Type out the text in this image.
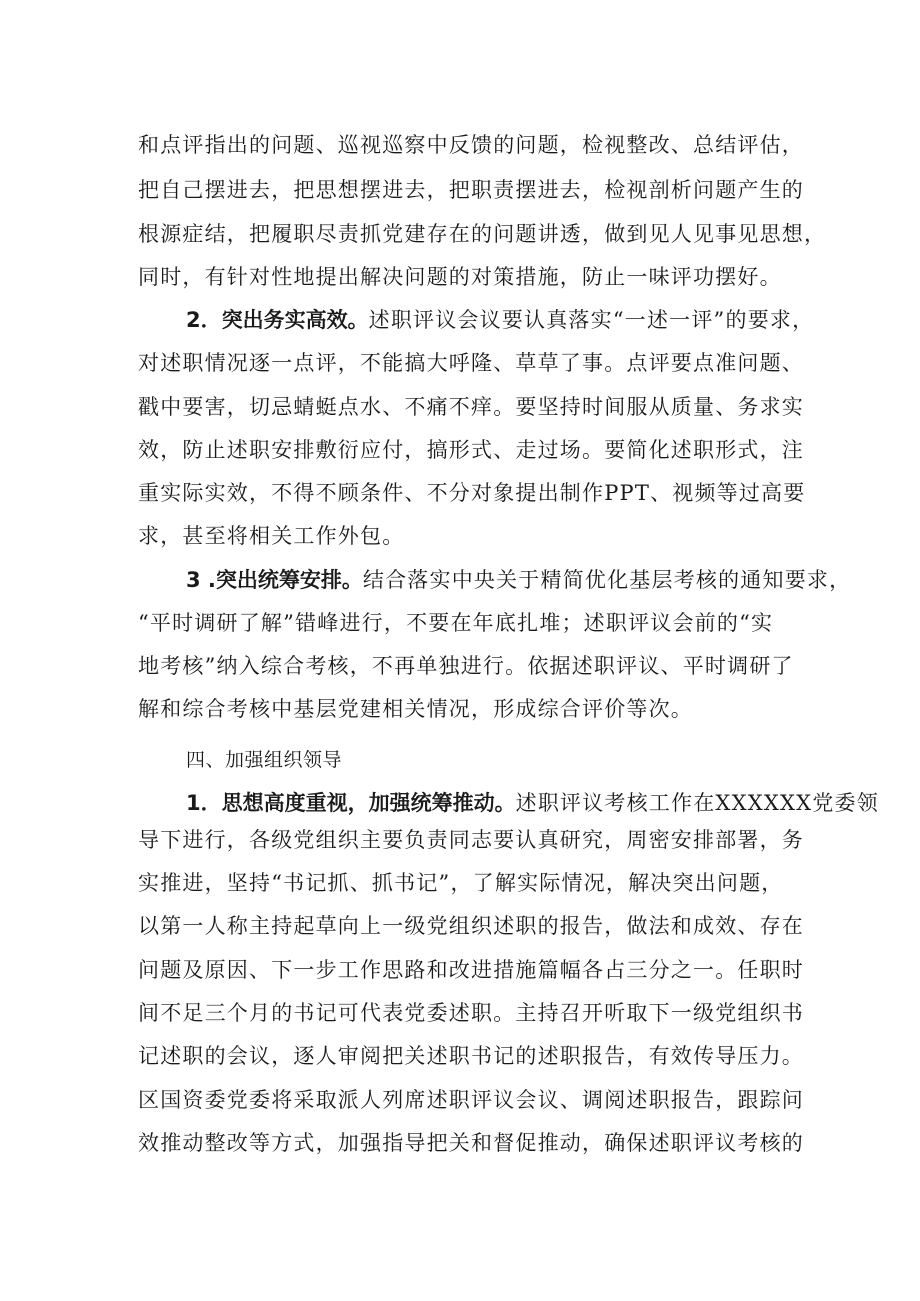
和点评指出的问题、巡视巡察中反馈的问题，检视整改、总结评估，
把自己摆进去，把思想摆进去，把职责摆进去，检视剖析问题产生的
根源症结，把履职尽责抓党建存在的问题讲透，做到见人见事见思想，
同时，有针对性地提出解决问题的对策措施，防止一味评功摆好。
2．突出务实高效。述职评议会议要认真落实“一述一评”的要求，
对述职情况逐一点评，不能搞大呼隆、草草了事。点评要点准问题、
戳中要害，切忌蜻蜓点水、不痛不痒。要坚持时间服从质量、务求实
效，防止述职安排敷衍应付，搞形式、走过场。要简化述职形式，注
重实际实效，不得不顾条件、不分对象提出制作PPT、视频等过高要
求，甚至将相关工作外包。
3 .突出统筹安排。结合落实中央关于精简优化基层考核的通知要求，
“平时调研了解”错峰进行，不要在年底扎堆；述职评议会前的“实
地考核”纳入综合考核，不再单独进行。依据述职评议、平时调研了
解和综合考核中基层党建相关情况，形成综合评价等次。
四、加强组织领导
1．思想高度重视，加强统筹推动。述职评议考核工作在XXXXXX党委领
导下进行，各级党组织主要负责同志要认真研究，周密安排部署，务
实推进，坚持“书记抓、抓书记”，了解实际情况，解决突出问题，
以第一人称主持起草向上一级党组织述职的报告，做法和成效、存在
问题及原因、下一步工作思路和改进措施篇幅各占三分之一。任职时
间不足三个月的书记可代表党委述职。主持召开听取下一级党组织书
记述职的会议，逐人审阅把关述职书记的述职报告，有效传导压力。
区国资委党委将采取派人列席述职评议会议、调阅述职报告，跟踪问
效推动整改等方式，加强指导把关和督促推动，确保述职评议考核的
